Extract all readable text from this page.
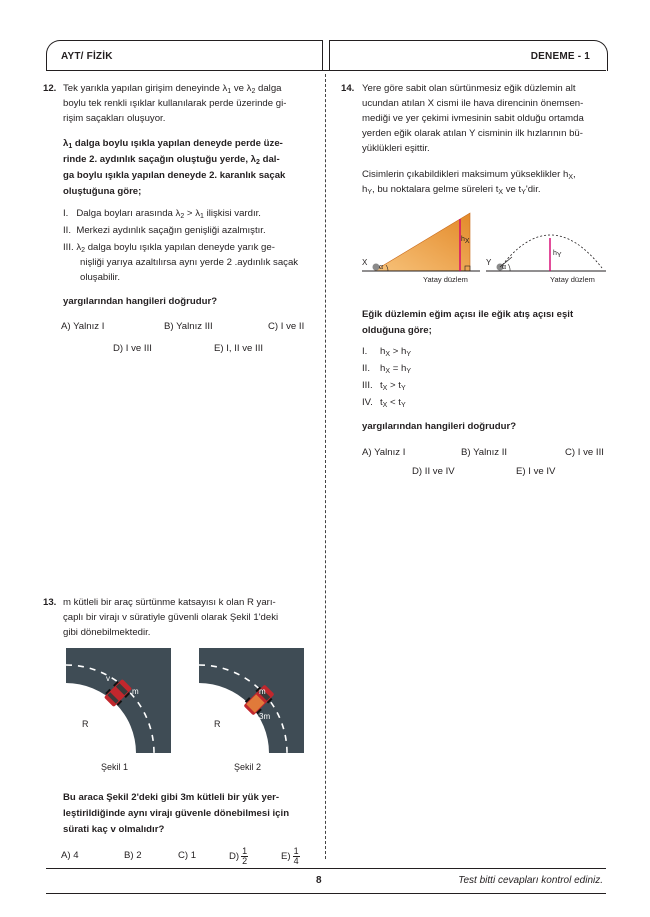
AYT/ FİZİK	DENEME - 1
12. Tek yarıkla yapılan girişim deneyinde $\lambda_1$ ve $\lambda_2$ dalga
boylu tek renkli ışıklar kullanılarak perde üzerinde gi-
rişim saçakları oluşuyor.
$\lambda_1$ dalga boylu ışıkla yapılan deneyde perde üze-
rinde 2. aydınlık saçağın oluştuğu yerde, $\lambda_2$ dal-
ga boylu ışıkla yapılan deneyde 2. karanlık saçak
oluştuğuna göre;
I. Dalga boyları arasında $\lambda_2 > \lambda_1$ ilişkisi vardır.
II. Merkezi aydınlık saçağın genişliği azalmıştır.
III. $\lambda_2$ dalga boylu ışıkla yapılan deneyde yarık ge-
nişliği yarıya azaltılırsa aynı yerde 2 .aydınlık saçak
oluşabilir.
yargılarından hangileri doğrudur?
A) Yalnız I	B) Yalnız III	C) I ve II
D) I ve III	E) I, II ve III
13. m kütleli bir araç sürtünme katsayısı k olan R yarı-
çaplı bir virajı v süratiyle güvenli olarak Şekil 1'deki
gibi dönebilmektedir.
v
m
R
Şekil 1
m
3m
R
Şekil 2
Bu araca Şekil 2'deki gibi 3m kütleli bir yük yer-
leştirildiğinde aynı virajı güvenle dönebilmesi için
sürati kaç v olmalıdır?
A) 4	B) 2	C) 1	$D) \frac{1}{2}$	$E) \frac{1}{4}$
14. Yere göre sabit olan sürtünmesiz eğik düzlemin alt
ucundan atılan X cismi ile hava direncinin önemsen-
mediği ve yer çekimi ivmesinin sabit olduğu ortamda
yerden eğik olarak atılan Y cisminin ilk hızlarının bü-
yüklükleri eşittir.
Cisimlerin çıkabildikleri maksimum yükseklikler $h_X$,
$h_Y$, bu noktalara gelme süreleri $t_X$ ve $t_Y'dir$.
X
α
$h_X$
Yatay düzlem
Y
α
$h_Y$
Yatay düzlem
Eğik düzlemin eğim açısı ile eğik atış açısı eşit
olduğuna göre;
I. $h_X > h_Y$
II. $h_X = h_Y$
III. $t_X > t_Y$
IV. $t_X < t_Y$
yargılarından hangileri doğrudur?
A) Yalnız I	B) Yalnız II	C) I ve III
D) II ve IV	E) I ve IV
8	Test bitti cevapları kontrol ediniz.
